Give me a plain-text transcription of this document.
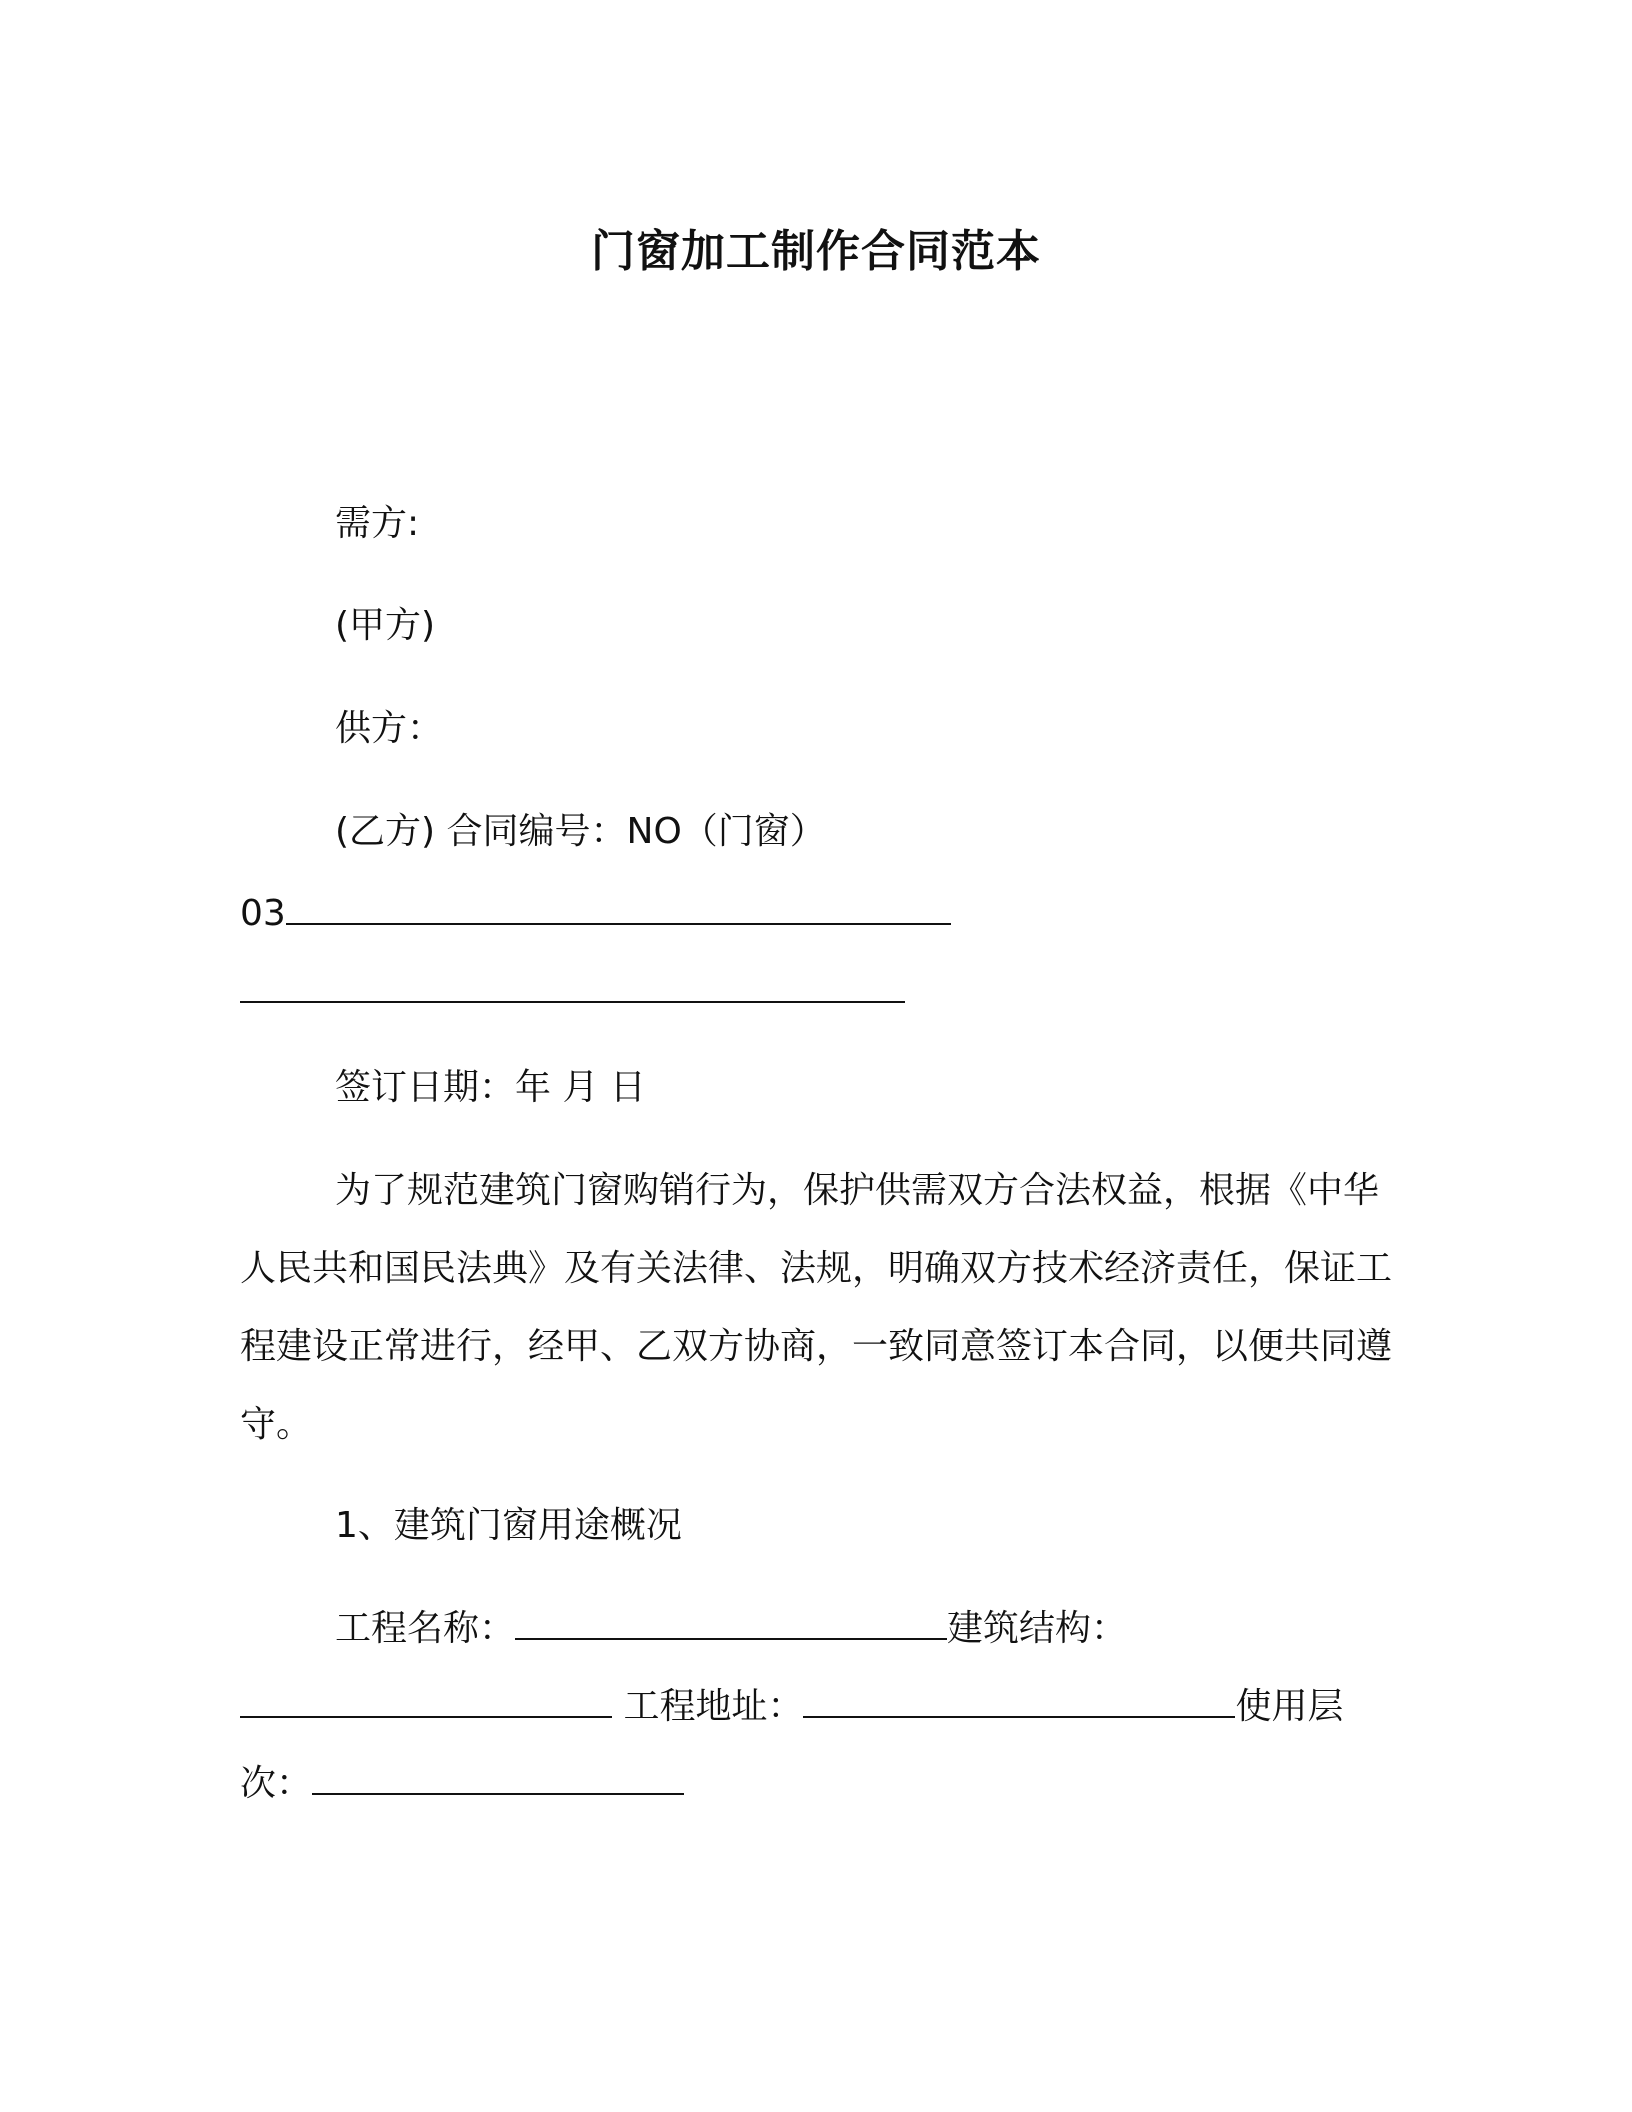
门窗加工制作合同范本
需方:
(甲方)
供方：
(乙方) 合同编号：NO（门窗）
03
签订日期：年 月 日
为了规范建筑门窗购销行为，保护供需双方合法权益，根据《中华人民共和国民法典》及有关法律、法规，明确双方技术经济责任，保证工程建设正常进行，经甲、乙双方协商，一致同意签订本合同，以便共同遵守。
1、建筑门窗用途概况
工程名称：	建筑结构：
工程地址：	使用层
次：
